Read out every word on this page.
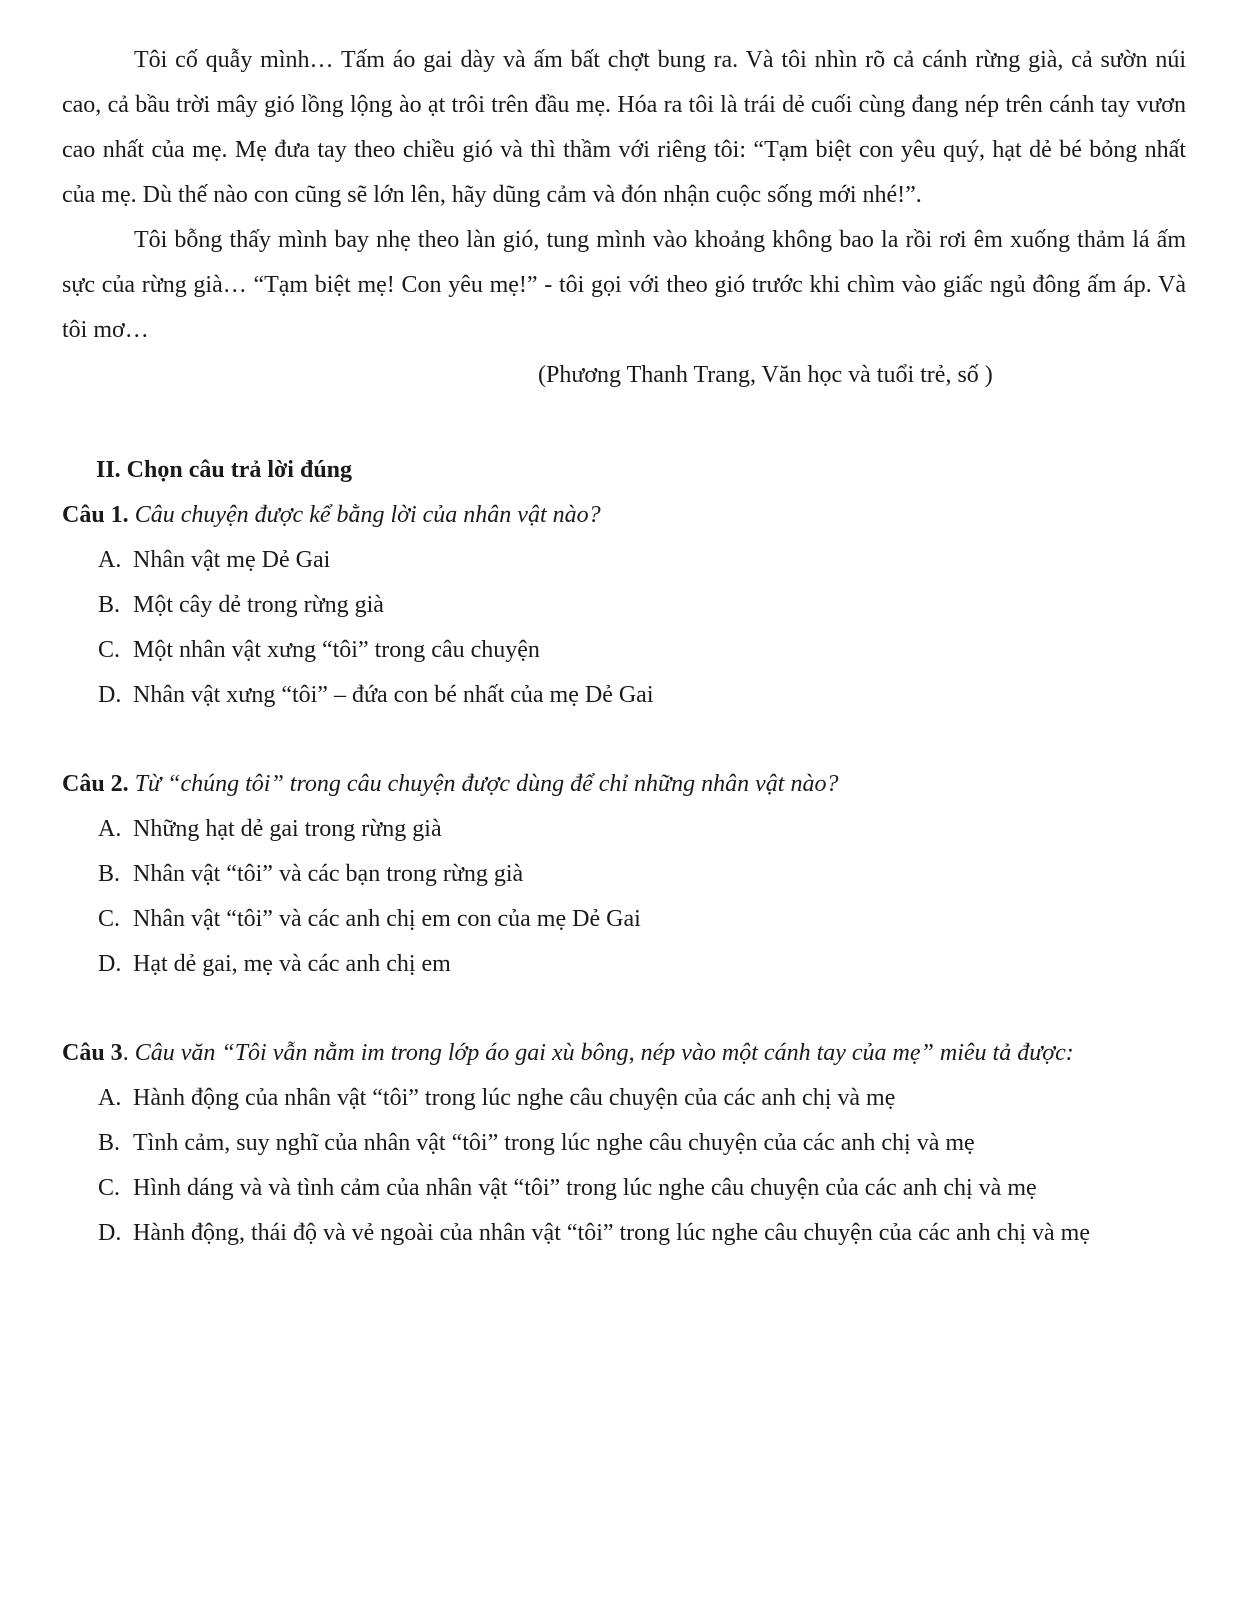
Tôi cố quẫy mình… Tấm áo gai dày và ấm bất chợt bung ra. Và tôi nhìn rõ cả cánh rừng già, cả sườn núi cao, cả bầu trời mây gió lồng lộng ào ạt trôi trên đầu mẹ. Hóa ra tôi là trái dẻ cuối cùng đang nép trên cánh tay vươn cao nhất của mẹ. Mẹ đưa tay theo chiều gió và thì thầm với riêng tôi: “Tạm biệt con yêu quý, hạt dẻ bé bỏng nhất của mẹ. Dù thế nào con cũng sẽ lớn lên, hãy dũng cảm và đón nhận cuộc sống mới nhé!”.

Tôi bỗng thấy mình bay nhẹ theo làn gió, tung mình vào khoảng không bao la rồi rơi êm xuống thảm lá ấm sực của rừng già… “Tạm biệt mẹ! Con yêu mẹ!” - tôi gọi với theo gió trước khi chìm vào giấc ngủ đông ấm áp. Và tôi mơ…

(Phương Thanh Trang, Văn học và tuổi trẻ, số )

II. Chọn câu trả lời đúng

Câu 1. Câu chuyện được kể bằng lời của nhân vật nào?

A. Nhân vật mẹ Dẻ Gai
B. Một cây dẻ trong rừng già
C. Một nhân vật xưng “tôi” trong câu chuyện
D. Nhân vật xưng “tôi” – đứa con bé nhất của mẹ Dẻ Gai

Câu 2. Từ “chúng tôi” trong câu chuyện được dùng để chỉ những nhân vật nào?

A. Những hạt dẻ gai trong rừng già
B. Nhân vật “tôi” và các bạn trong rừng già
C. Nhân vật “tôi” và các anh chị em con của mẹ Dẻ Gai
D. Hạt dẻ gai, mẹ và các anh chị em

Câu 3. Câu văn “Tôi vẫn nằm im trong lớp áo gai xù bông, nép vào một cánh tay của mẹ” miêu tả được:

A. Hành động của nhân vật “tôi” trong lúc nghe câu chuyện của các anh chị và mẹ
B. Tình cảm, suy nghĩ của nhân vật “tôi” trong lúc nghe câu chuyện của các anh chị và mẹ
C. Hình dáng và và tình cảm của nhân vật “tôi” trong lúc nghe câu chuyện của các anh chị và mẹ
D. Hành động, thái độ và vẻ ngoài của nhân vật “tôi” trong lúc nghe câu chuyện của các anh chị và mẹ
